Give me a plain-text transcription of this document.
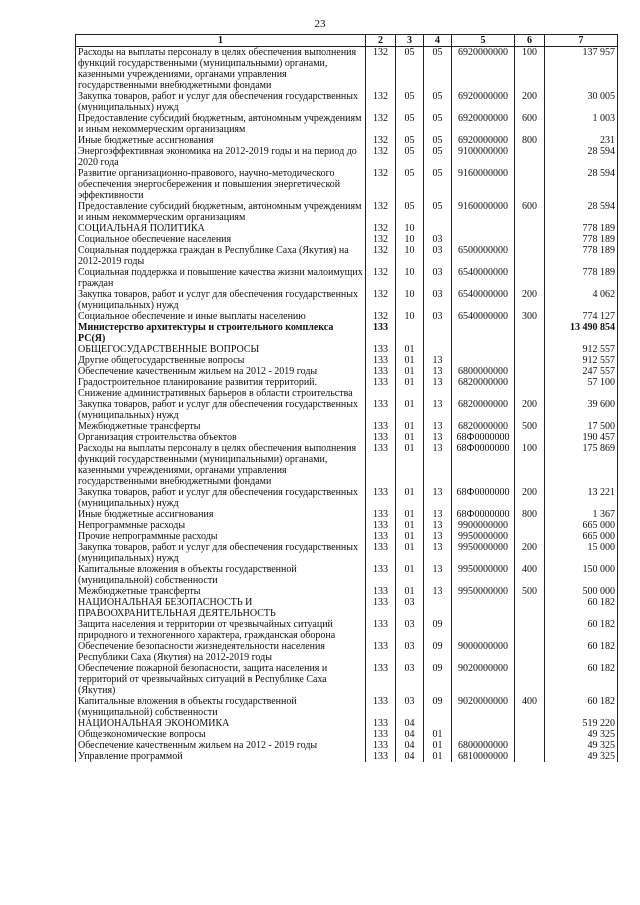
23
1	2	3	4	5	6	7
Расходы на выплаты персоналу в целях обеспечения выполнения функций государственными (муниципальными) органами, казенными учреждениями, органами управления государственными внебюджетными фондами	132	05	05	6920000000	100	137 957
Закупка товаров, работ и услуг для обеспечения государственных (муниципальных) нужд	132	05	05	6920000000	200	30 005
Предоставление субсидий бюджетным, автономным учреждениям и иным некоммерческим организациям	132	05	05	6920000000	600	1 003
Иные бюджетные ассигнования	132	05	05	6920000000	800	231
Энергоэффективная экономика на 2012-2019 годы и на период до 2020 года	132	05	05	9100000000		28 594
Развитие организационно-правового, научно-методического обеспечения энергосбережения и повышения энергетической эффективности	132	05	05	9160000000		28 594
Предоставление субсидий бюджетным, автономным учреждениям и иным некоммерческим организациям	132	05	05	9160000000	600	28 594
СОЦИАЛЬНАЯ ПОЛИТИКА	132	10				778 189
Социальное обеспечение населения	132	10	03			778 189
Социальная поддержка граждан в Республике Саха (Якутия) на 2012-2019 годы	132	10	03	6500000000		778 189
Социальная поддержка и повышение качества жизни малоимущих граждан	132	10	03	6540000000		778 189
Закупка товаров, работ и услуг для обеспечения государственных (муниципальных) нужд	132	10	03	6540000000	200	4 062
Социальное обеспечение и иные выплаты населению	132	10	03	6540000000	300	774 127
Министерство архитектуры и строительного комплекса РС(Я)	133					13 490 854
ОБЩЕГОСУДАРСТВЕННЫЕ ВОПРОСЫ	133	01				912 557
Другие общегосударственные вопросы	133	01	13			912 557
Обеспечение качественным жильем на 2012 - 2019 годы	133	01	13	6800000000		247 557
Градостроительное планирование развития территорий. Снижение административных барьеров в области строительства	133	01	13	6820000000		57 100
Закупка товаров, работ и услуг для обеспечения государственных (муниципальных) нужд	133	01	13	6820000000	200	39 600
Межбюджетные трансферты	133	01	13	6820000000	500	17 500
Организация строительства объектов	133	01	13	68Ф0000000		190 457
Расходы на выплаты персоналу в целях обеспечения выполнения функций государственными (муниципальными) органами, казенными учреждениями, органами управления государственными внебюджетными фондами	133	01	13	68Ф0000000	100	175 869
Закупка товаров, работ и услуг для обеспечения государственных (муниципальных) нужд	133	01	13	68Ф0000000	200	13 221
Иные бюджетные ассигнования	133	01	13	68Ф0000000	800	1 367
Непрограммные расходы	133	01	13	9900000000		665 000
Прочие непрограммные расходы	133	01	13	9950000000		665 000
Закупка товаров, работ и услуг для обеспечения государственных (муниципальных) нужд	133	01	13	9950000000	200	15 000
Капитальные вложения в объекты государственной (муниципальной) собственности	133	01	13	9950000000	400	150 000
Межбюджетные трансферты	133	01	13	9950000000	500	500 000
НАЦИОНАЛЬНАЯ БЕЗОПАСНОСТЬ И ПРАВООХРАНИТЕЛЬНАЯ ДЕЯТЕЛЬНОСТЬ	133	03				60 182
Защита населения и территории от чрезвычайных ситуаций природного и техногенного характера, гражданская оборона	133	03	09			60 182
Обеспечение безопасности жизнедеятельности населения Республики Саха (Якутия) на 2012-2019 годы	133	03	09	9000000000		60 182
Обеспечение пожарной безопасности, защита населения и территорий от чрезвычайных ситуаций в Республике Саха (Якутия)	133	03	09	9020000000		60 182
Капитальные вложения в объекты государственной (муниципальной) собственности	133	03	09	9020000000	400	60 182
НАЦИОНАЛЬНАЯ ЭКОНОМИКА	133	04				519 220
Общеэкономические вопросы	133	04	01			49 325
Обеспечение качественным жильем на 2012 - 2019 годы	133	04	01	6800000000		49 325
Управление программой	133	04	01	6810000000		49 325
